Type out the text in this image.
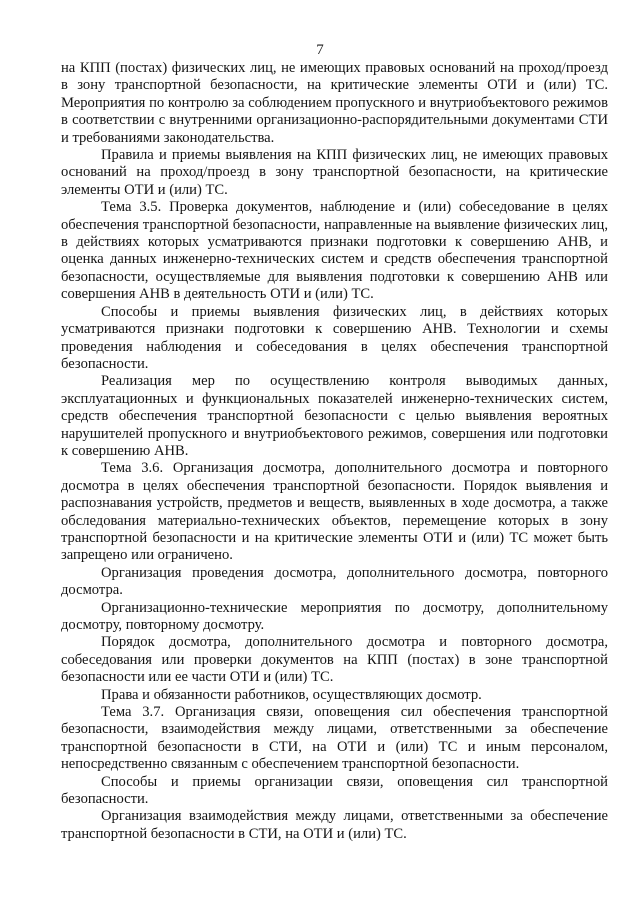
7

на КПП (постах) физических лиц, не имеющих правовых оснований на проход/проезд в зону транспортной безопасности, на критические элементы ОТИ и (или) ТС. Мероприятия по контролю за соблюдением пропускного и внутриобъектового режимов в соответствии с внутренними организационно-распорядительными документами СТИ и требованиями законодательства.

Правила и приемы выявления на КПП физических лиц, не имеющих правовых оснований на проход/проезд в зону транспортной безопасности, на критические элементы ОТИ и (или) ТС.

Тема 3.5. Проверка документов, наблюдение и (или) собеседование в целях обеспечения транспортной безопасности, направленные на выявление физических лиц, в действиях которых усматриваются признаки подготовки к совершению АНВ, и оценка данных инженерно-технических систем и средств обеспечения транспортной безопасности, осуществляемые для выявления подготовки к совершению АНВ или совершения АНВ в деятельность ОТИ и (или) ТС.

Способы и приемы выявления физических лиц, в действиях которых усматриваются признаки подготовки к совершению АНВ. Технологии и схемы проведения наблюдения и собеседования в целях обеспечения транспортной безопасности.

Реализация мер по осуществлению контроля выводимых данных, эксплуатационных и функциональных показателей инженерно-технических систем, средств обеспечения транспортной безопасности с целью выявления вероятных нарушителей пропускного и внутриобъектового режимов, совершения или подготовки к совершению АНВ.

Тема 3.6. Организация досмотра, дополнительного досмотра и повторного досмотра в целях обеспечения транспортной безопасности. Порядок выявления и распознавания устройств, предметов и веществ, выявленных в ходе досмотра, а также обследования материально-технических объектов, перемещение которых в зону транспортной безопасности и на критические элементы ОТИ и (или) ТС может быть запрещено или ограничено.

Организация проведения досмотра, дополнительного досмотра, повторного досмотра.

Организационно-технические мероприятия по досмотру, дополнительному досмотру, повторному досмотру.

Порядок досмотра, дополнительного досмотра и повторного досмотра, собеседования или проверки документов на КПП (постах) в зоне транспортной безопасности или ее части ОТИ и (или) ТС.

Права и обязанности работников, осуществляющих досмотр.

Тема 3.7. Организация связи, оповещения сил обеспечения транспортной безопасности, взаимодействия между лицами, ответственными за обеспечение транспортной безопасности в СТИ, на ОТИ и (или) ТС и иным персоналом, непосредственно связанным с обеспечением транспортной безопасности.

Способы и приемы организации связи, оповещения сил транспортной безопасности.

Организация взаимодействия между лицами, ответственными за обеспечение транспортной безопасности в СТИ, на ОТИ и (или) ТС.
